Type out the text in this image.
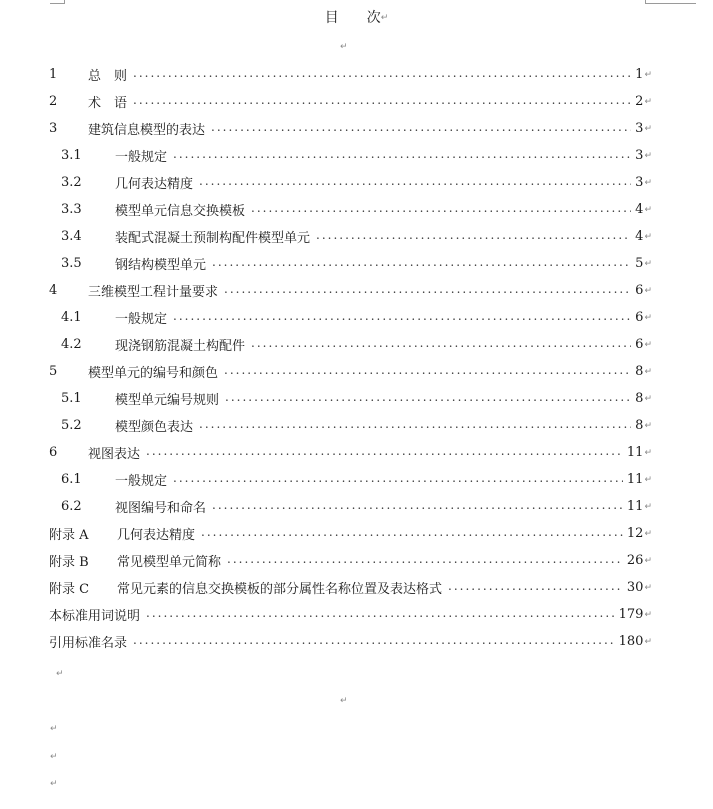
目 次↵
↵
1	总　则 .....	1 ↵
2	术　语 .....	2 ↵
3	建筑信息模型的表达 .....	3 ↵
3.1	一般规定 .....	3 ↵
3.2	几何表达精度 .....	3 ↵
3.3	模型单元信息交换模板 .....	4 ↵
3.4	装配式混凝土预制构配件模型单元 .....	4 ↵
3.5	钢结构模型单元 .....	5 ↵
4	三维模型工程计量要求 .....	6 ↵
4.1	一般规定 .....	6 ↵
4.2	现浇钢筋混凝土构配件 .....	6 ↵
5	模型单元的编号和颜色 .....	8 ↵
5.1	模型单元编号规则 .....	8 ↵
5.2	模型颜色表达 .....	8 ↵
6	视图表达 .....	11 ↵
6.1	一般规定 .....	11 ↵
6.2	视图编号和命名 .....	11 ↵
附录 A	几何表达精度 .....	12 ↵
附录 B	常见模型单元简称 .....	26 ↵
附录 C	常见元素的信息交换模板的部分属性名称位置及表达格式 .....	30 ↵
本标准用词说明 .....	179 ↵
引用标准名录 .....	180 ↵
↵
↵
↵
↵
↵
